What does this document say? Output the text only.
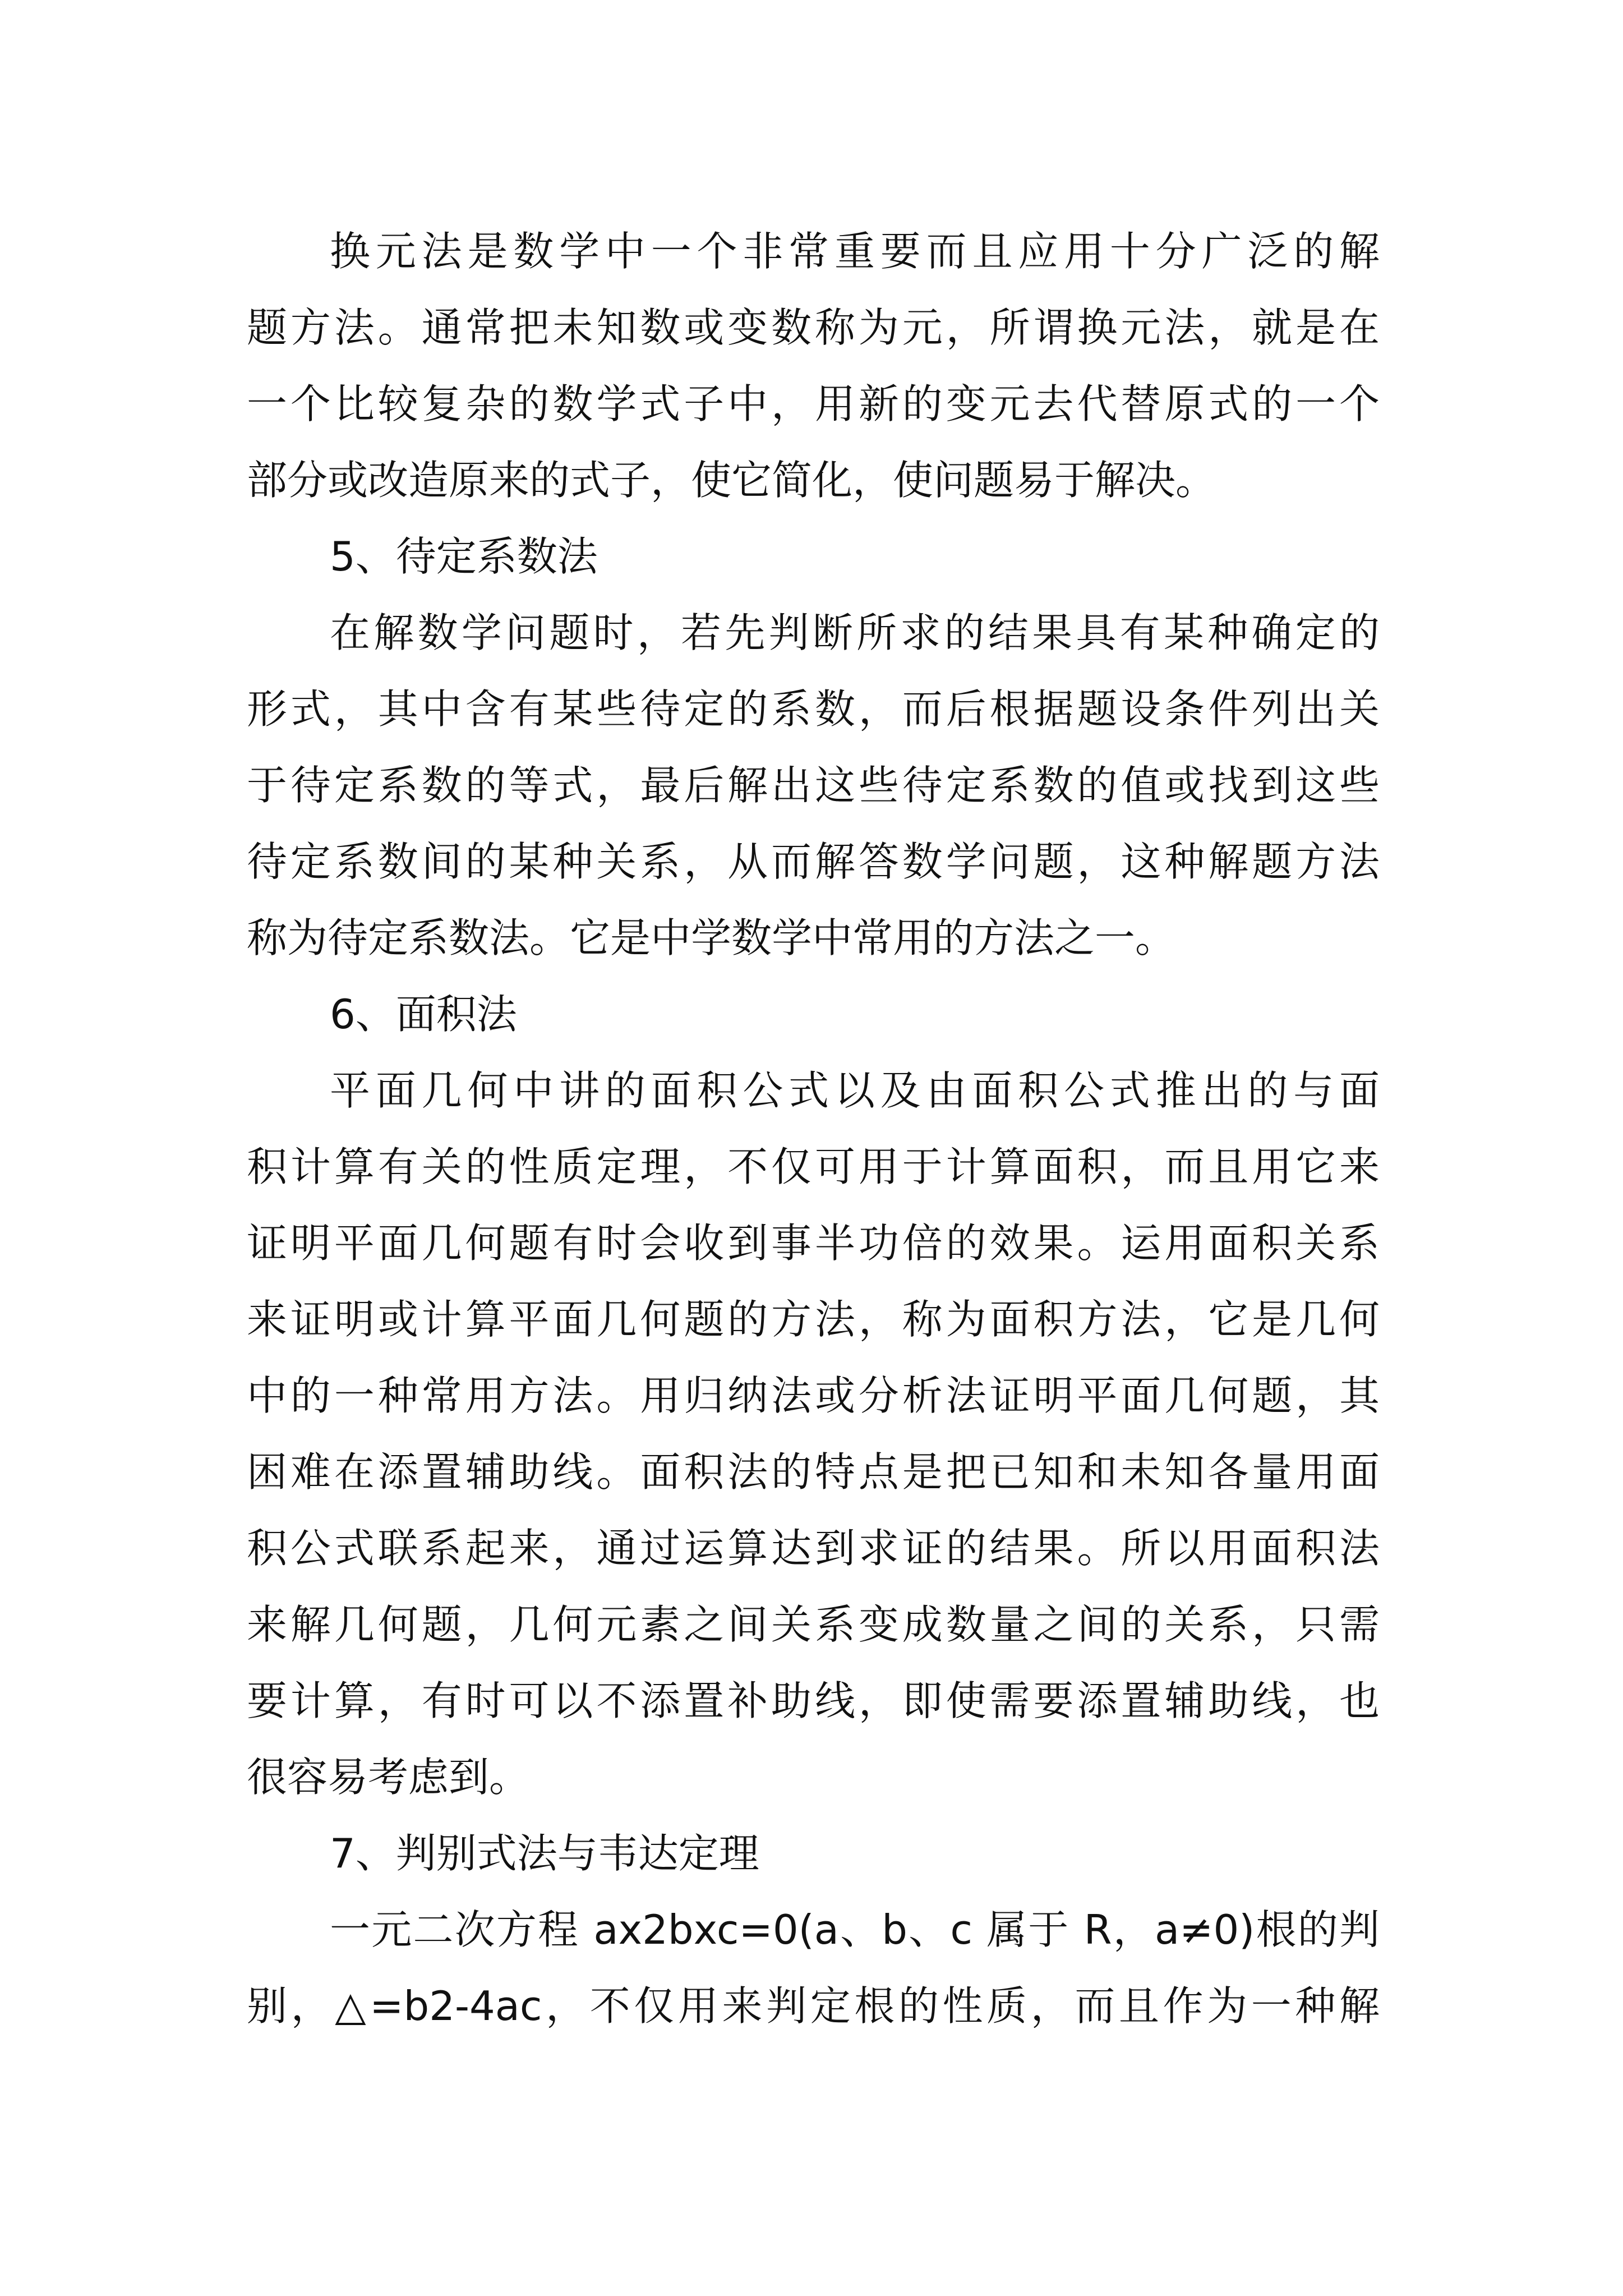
换元法是数学中一个非常重要而且应用十分广泛的解
题方法。通常把未知数或变数称为元，所谓换元法，就是在
一个比较复杂的数学式子中，用新的变元去代替原式的一个
部分或改造原来的式子，使它简化，使问题易于解决。
5、待定系数法
在解数学问题时，若先判断所求的结果具有某种确定的
形式，其中含有某些待定的系数，而后根据题设条件列出关
于待定系数的等式，最后解出这些待定系数的值或找到这些
待定系数间的某种关系，从而解答数学问题，这种解题方法
称为待定系数法。它是中学数学中常用的方法之一。
6、面积法
平面几何中讲的面积公式以及由面积公式推出的与面
积计算有关的性质定理，不仅可用于计算面积，而且用它来
证明平面几何题有时会收到事半功倍的效果。运用面积关系
来证明或计算平面几何题的方法，称为面积方法，它是几何
中的一种常用方法。用归纳法或分析法证明平面几何题，其
困难在添置辅助线。面积法的特点是把已知和未知各量用面
积公式联系起来，通过运算达到求证的结果。所以用面积法
来解几何题，几何元素之间关系变成数量之间的关系，只需
要计算，有时可以不添置补助线，即使需要添置辅助线，也
很容易考虑到。
7、判别式法与韦达定理
一元二次方程 ax2bxc=0(a、b、c 属于 R，a≠0)根的判
别，△=b2-4ac，不仅用来判定根的性质，而且作为一种解
